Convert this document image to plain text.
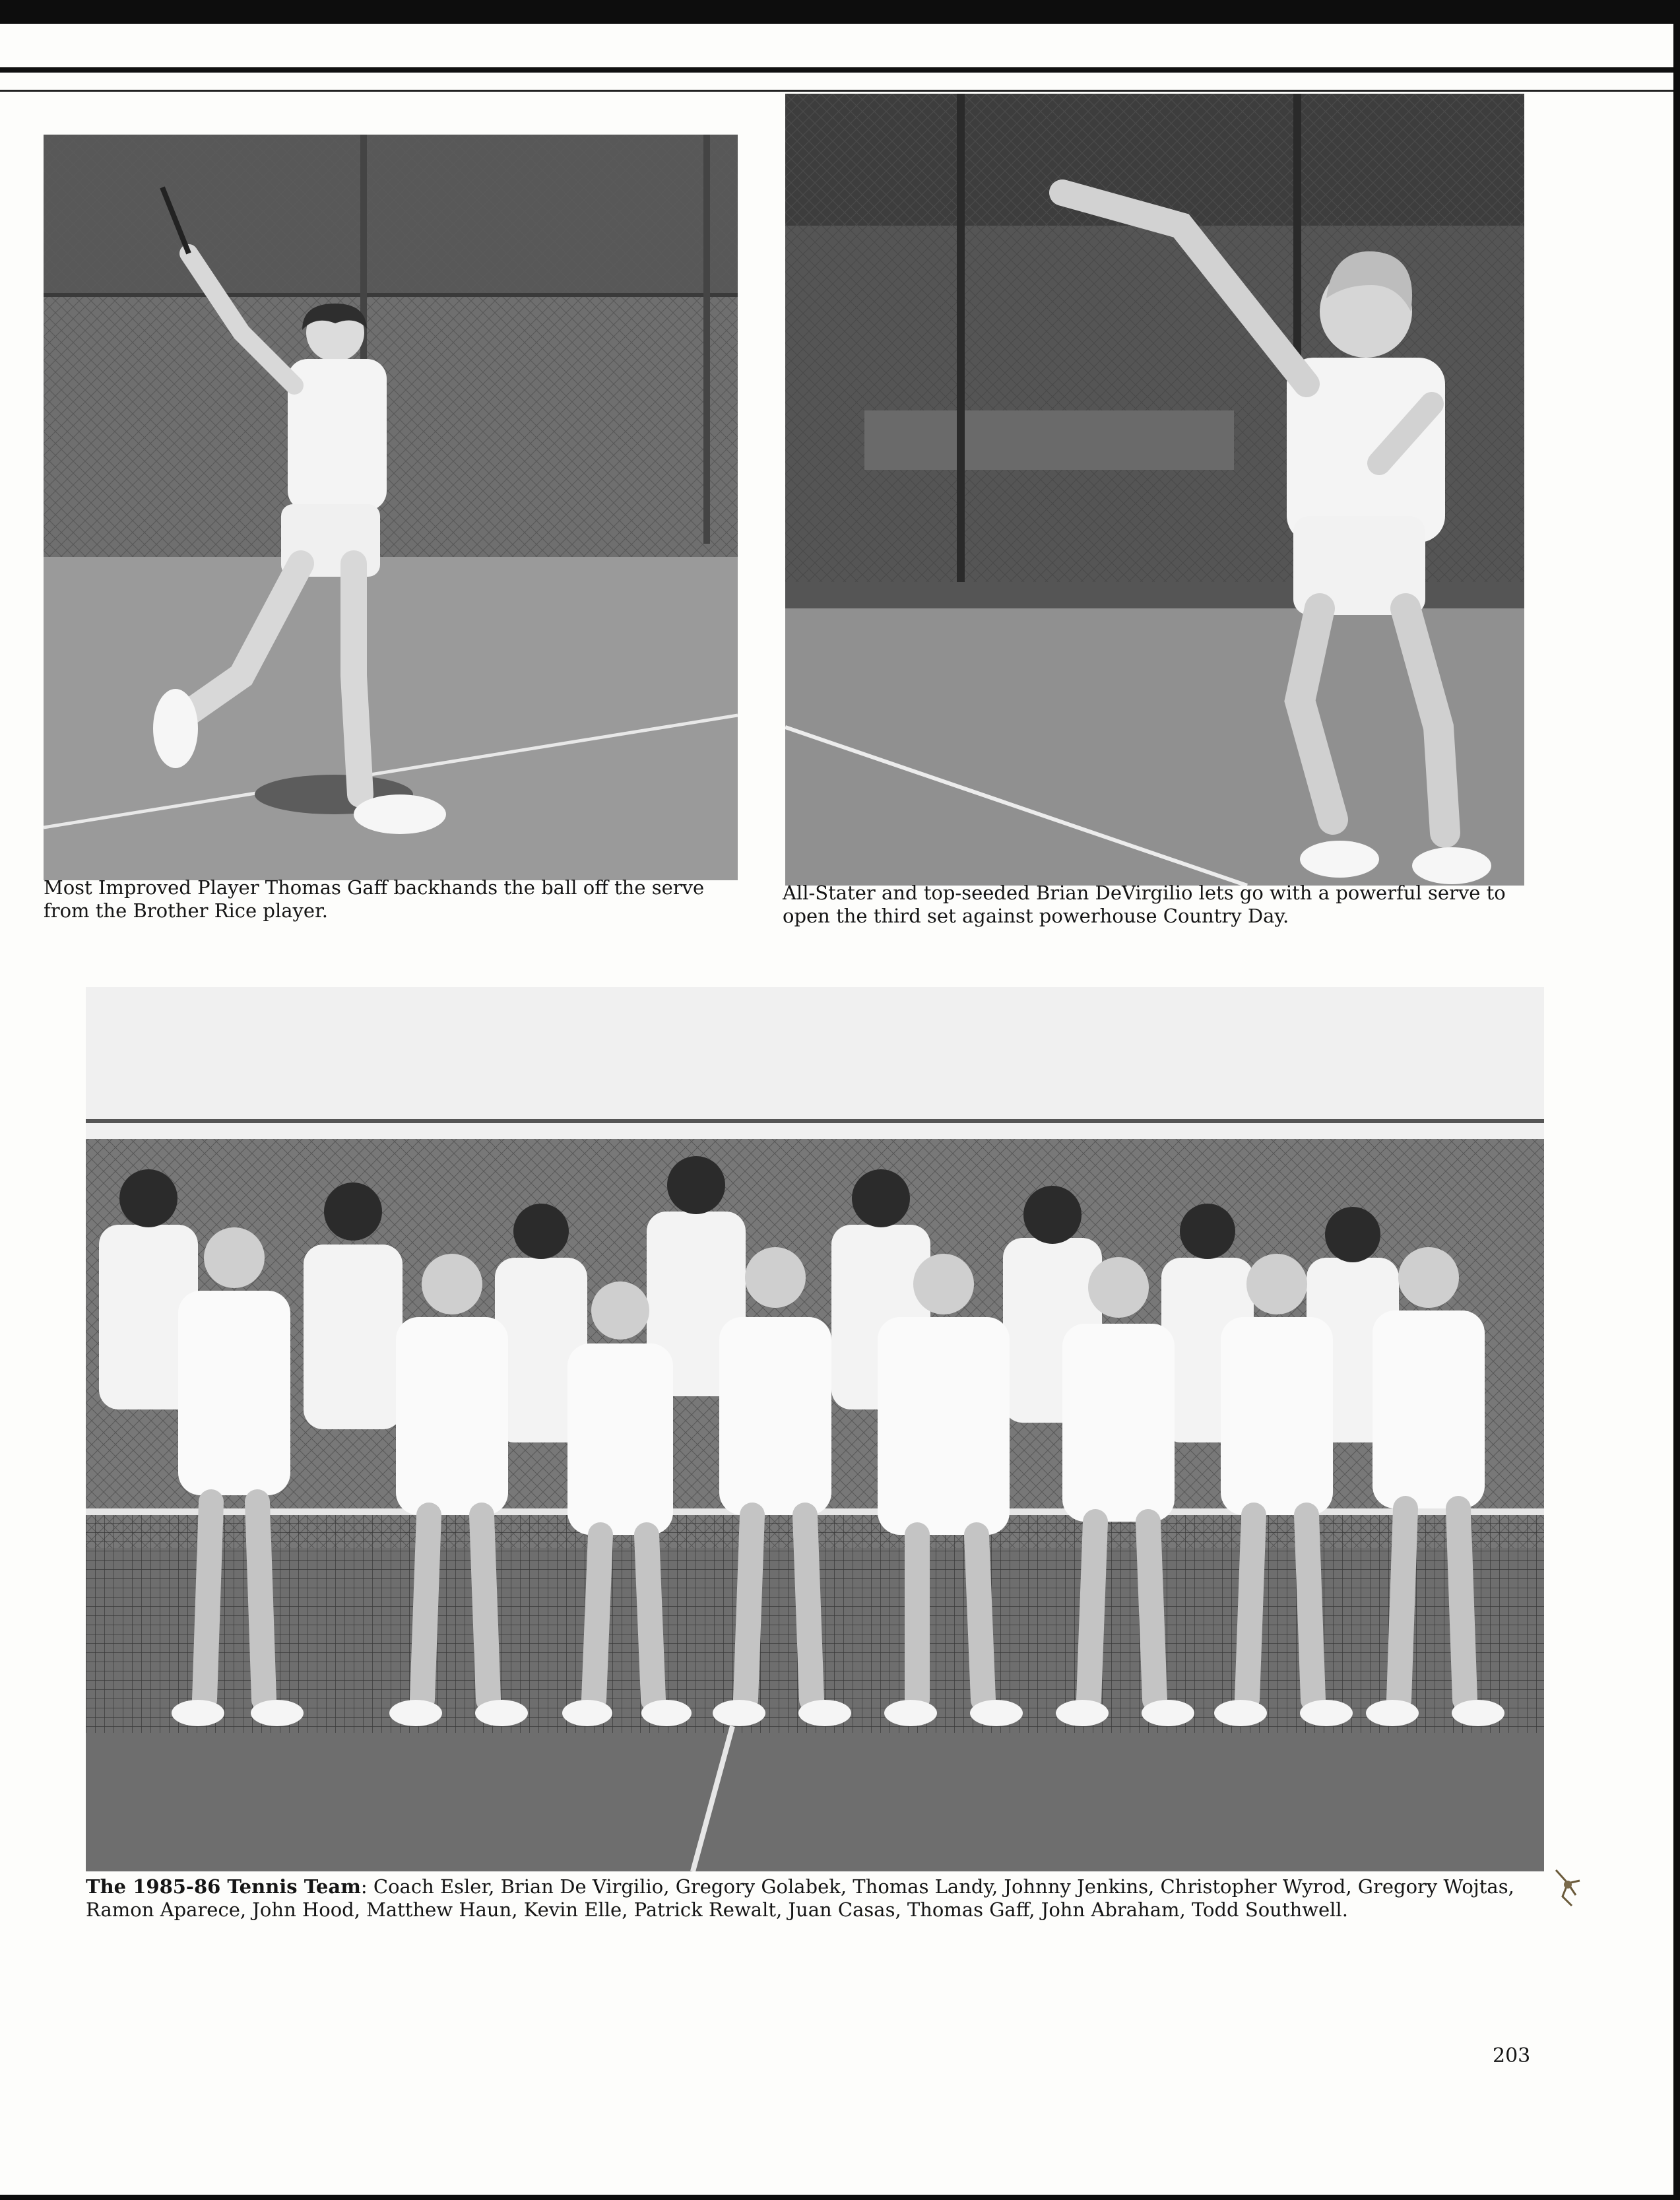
Most Improved Player Thomas Gaff backhands the ball off the serve from the Brother Rice player.
All-Stater and top-seeded Brian DeVirgilio lets go with a powerful serve to open the third set against powerhouse Country Day.
The 1985-86 Tennis Team: Coach Esler, Brian De Virgilio, Gregory Golabek, Thomas Landy, Johnny Jenkins, Christopher Wyrod, Gregory Wojtas, Ramon Aparece, John Hood, Matthew Haun, Kevin Elle, Patrick Rewalt, Juan Casas, Thomas Gaff, John Abraham, Todd Southwell.
203
